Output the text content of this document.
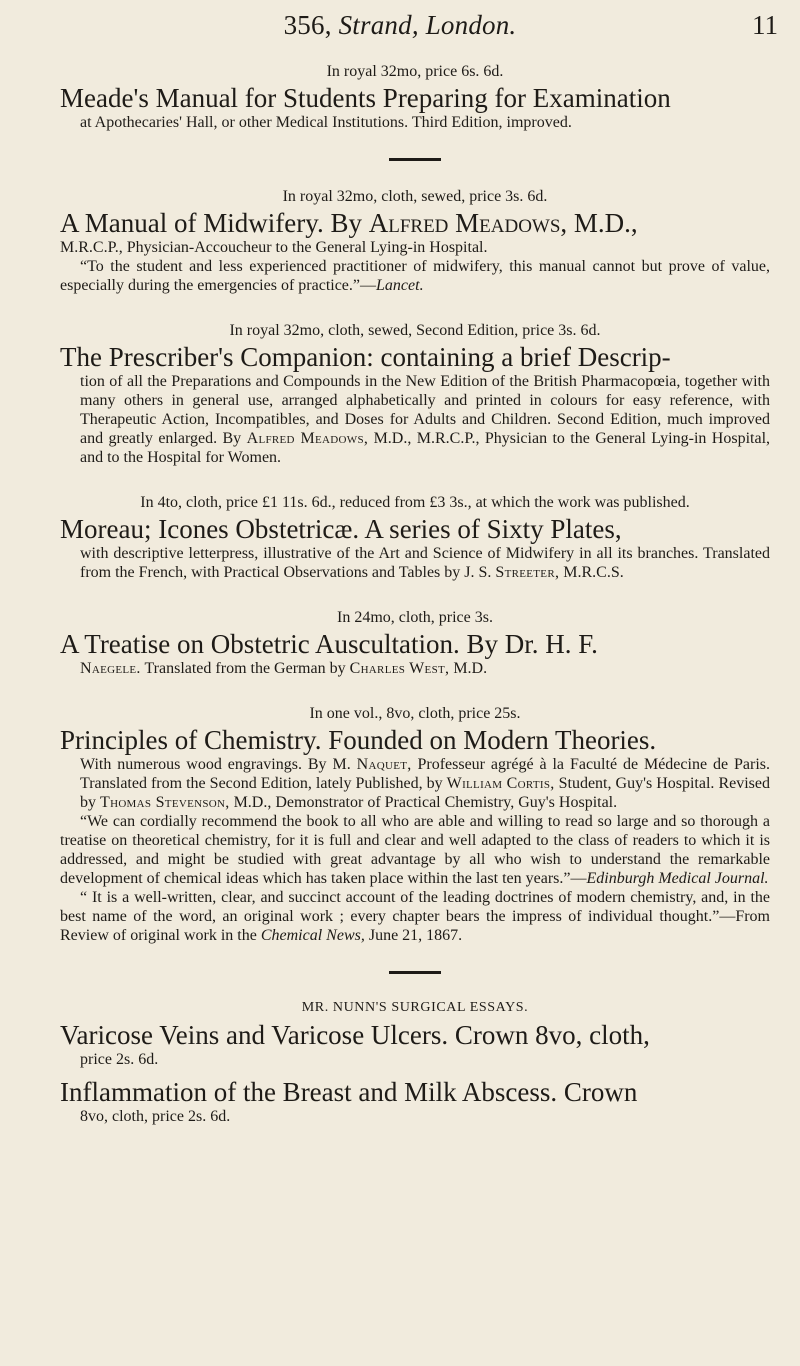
356, Strand, London.	11

In royal 32mo, price 6s. 6d.

Meade's Manual for Students Preparing for Examination

at Apothecaries' Hall, or other Medical Institutions. Third Edition, improved.

In royal 32mo, cloth, sewed, price 3s. 6d.

A Manual of Midwifery. By Alfred Meadows, M.D.,

M.R.C.P., Physician-Accoucheur to the General Lying-in Hospital.

“To the student and less experienced practitioner of midwifery, this manual cannot but prove of value, especially during the emergencies of practice.”—Lancet.

In royal 32mo, cloth, sewed, Second Edition, price 3s. 6d.

The Prescriber's Companion: containing a brief Descrip-

tion of all the Preparations and Compounds in the New Edition of the British Pharmacopœia, together with many others in general use, arranged alphabetically and printed in colours for easy reference, with Therapeutic Action, Incompatibles, and Doses for Adults and Children. Second Edition, much improved and greatly enlarged. By Alfred Meadows, M.D., M.R.C.P., Physician to the General Lying-in Hospital, and to the Hospital for Women.

In 4to, cloth, price £1 11s. 6d., reduced from £3 3s., at which the work was published.

Moreau; Icones Obstetricæ. A series of Sixty Plates,

with descriptive letterpress, illustrative of the Art and Science of Midwifery in all its branches. Translated from the French, with Practical Observations and Tables by J. S. Streeter, M.R.C.S.

In 24mo, cloth, price 3s.

A Treatise on Obstetric Auscultation. By Dr. H. F.

Naegele. Translated from the German by Charles West, M.D.

In one vol., 8vo, cloth, price 25s.

Principles of Chemistry. Founded on Modern Theories.

With numerous wood engravings. By M. Naquet, Professeur agrégé à la Faculté de Médecine de Paris. Translated from the Second Edition, lately Published, by William Cortis, Student, Guy's Hospital. Revised by Thomas Stevenson, M.D., Demonstrator of Practical Chemistry, Guy's Hospital.

“We can cordially recommend the book to all who are able and willing to read so large and so thorough a treatise on theoretical chemistry, for it is full and clear and well adapted to the class of readers to which it is addressed, and might be studied with great advantage by all who wish to understand the remarkable development of chemical ideas which has taken place within the last ten years.”—Edinburgh Medical Journal.

“ It is a well-written, clear, and succinct account of the leading doctrines of modern chemistry, and, in the best name of the word, an original work ; every chapter bears the impress of individual thought.”—From Review of original work in the Chemical News, June 21, 1867.

MR. NUNN'S SURGICAL ESSAYS.

Varicose Veins and Varicose Ulcers. Crown 8vo, cloth,

price 2s. 6d.

Inflammation of the Breast and Milk Abscess. Crown

8vo, cloth, price 2s. 6d.
